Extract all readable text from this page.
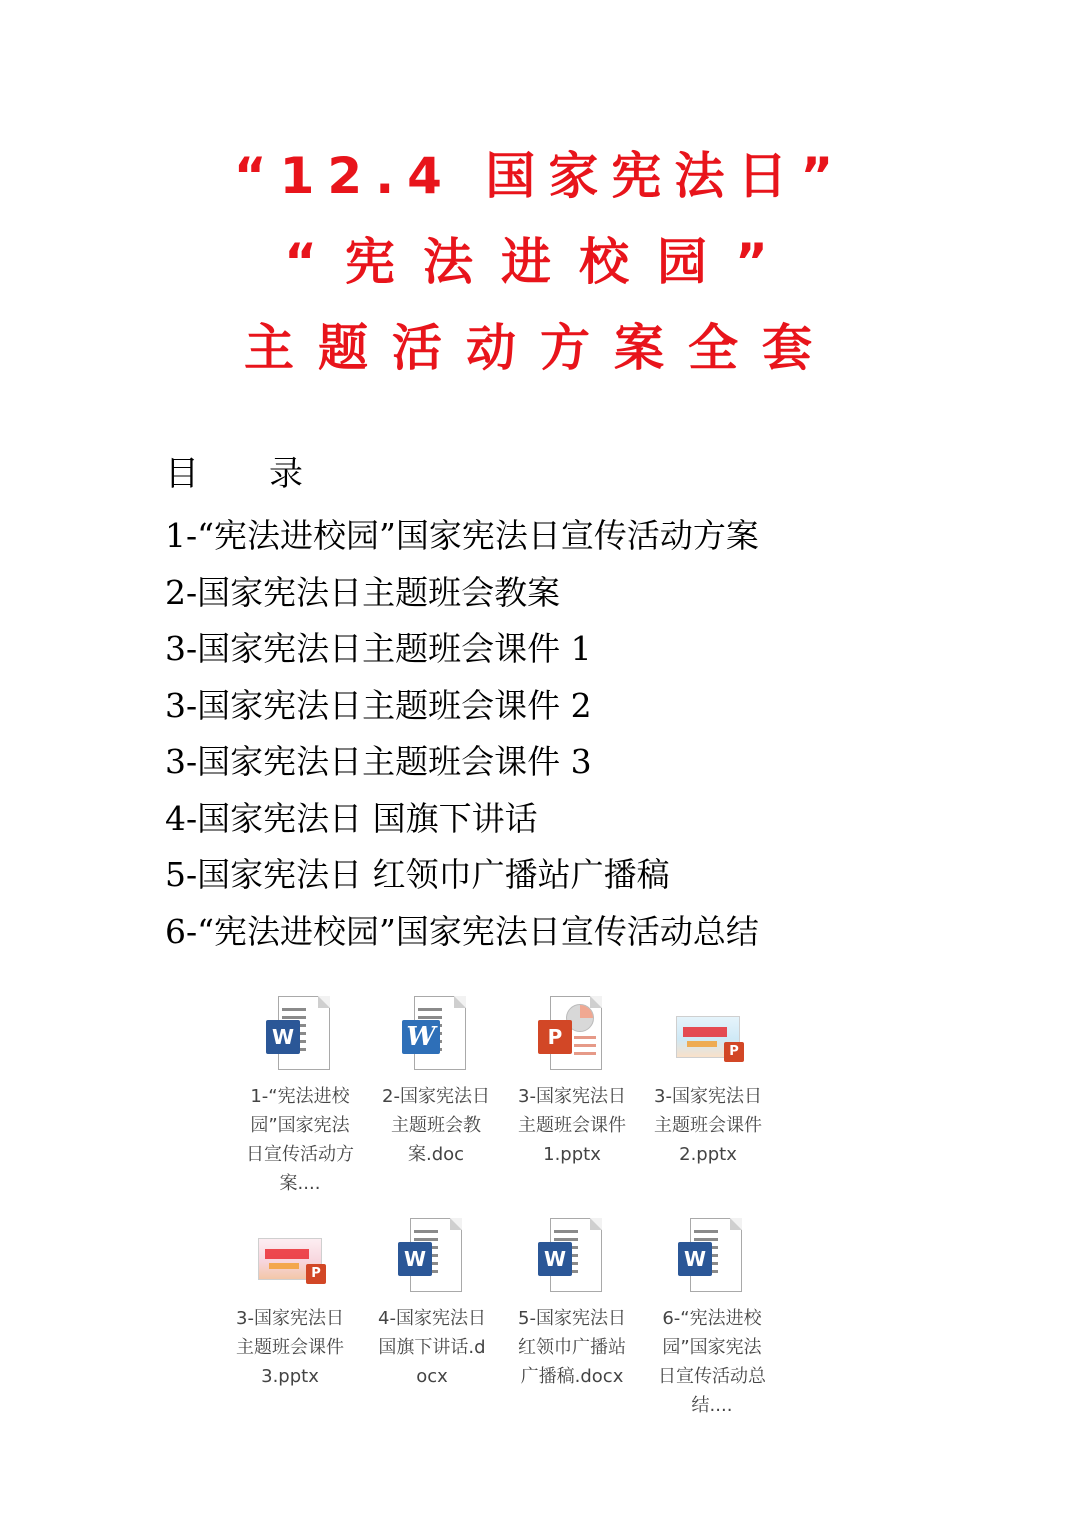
“12.4 国家宪法日”
“宪法进校园”
主题活动方案全套
目 录
1-“宪法进校园”国家宪法日宣传活动方案
2-国家宪法日主题班会教案
3-国家宪法日主题班会课件 1
3-国家宪法日主题班会课件 2
3-国家宪法日主题班会课件 3
4-国家宪法日 国旗下讲话
5-国家宪法日 红领巾广播站广播稿
6-“宪法进校园”国家宪法日宣传活动总结
W
1-“宪法进校园”国家宪法日宣传活动方案....
W
2-国家宪法日主题班会教案.doc
P
3-国家宪法日主题班会课件1.pptx
P
3-国家宪法日主题班会课件2.pptx
P
3-国家宪法日主题班会课件3.pptx
W
4-国家宪法日 国旗下讲话.docx
W
5-国家宪法日 红领巾广播站广播稿.docx
W
6-“宪法进校园”国家宪法日宣传活动总结....
